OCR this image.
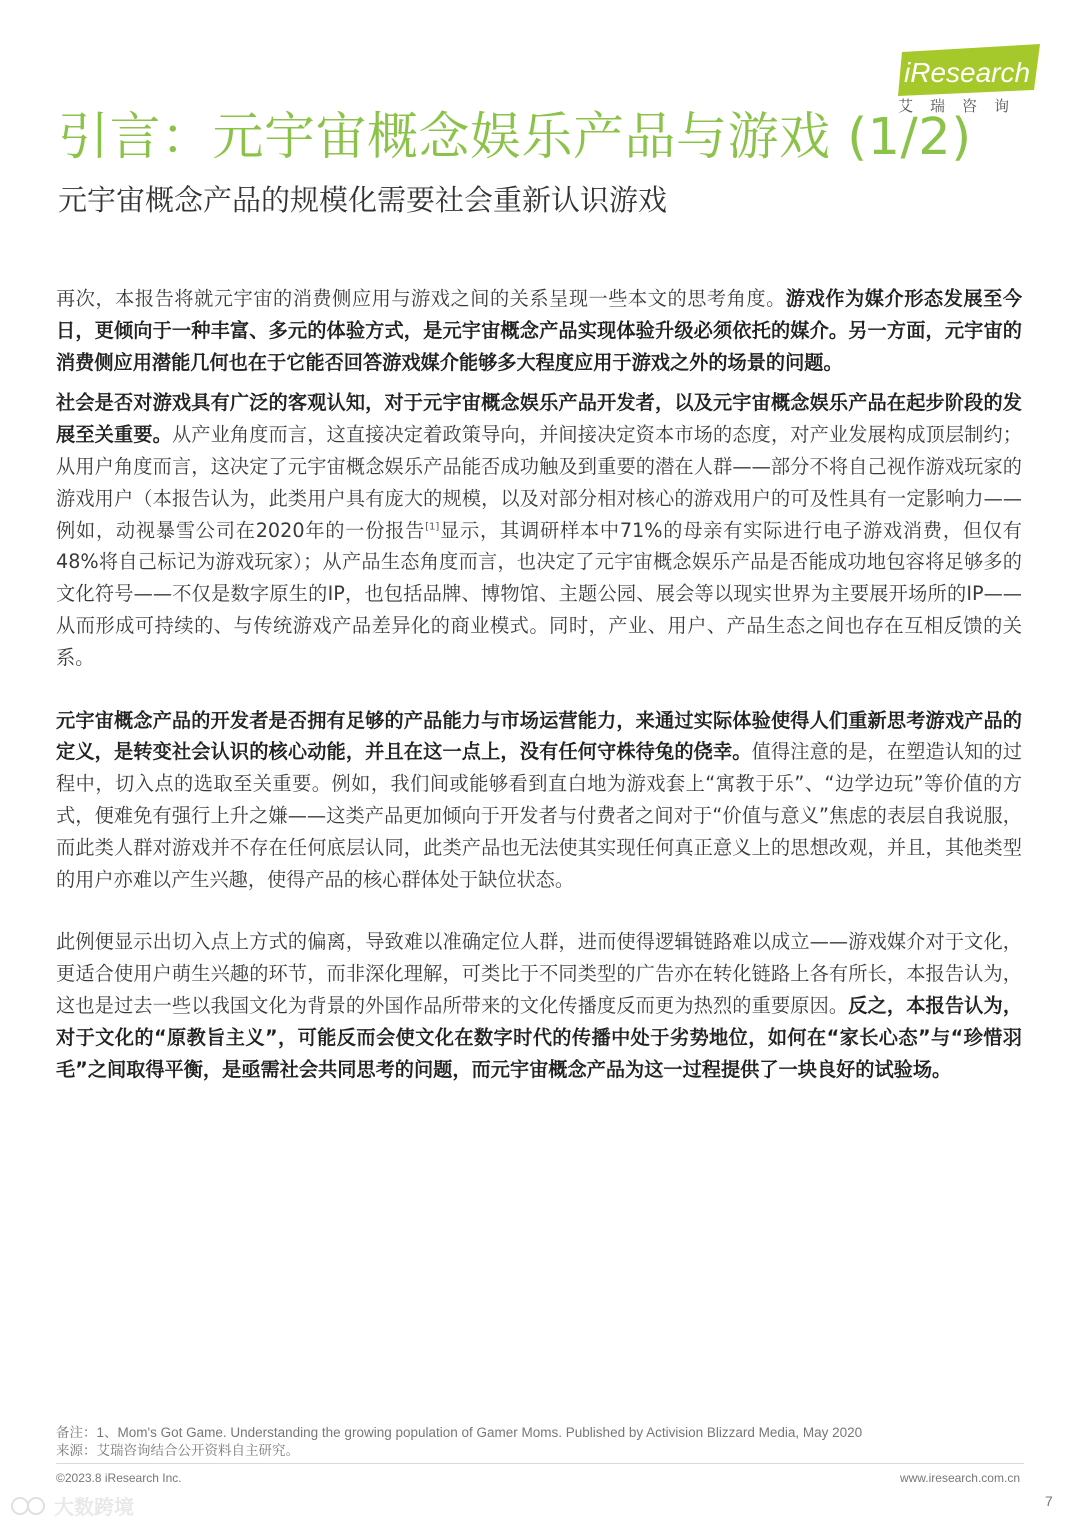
iResearch
艾瑞咨询
引言：元宇宙概念娱乐产品与游戏 (1/2)
元宇宙概念产品的规模化需要社会重新认识游戏

再次，本报告将就元宇宙的消费侧应用与游戏之间的关系呈现一些本文的思考角度。游戏作为媒介形态发展至今日，更倾向于一种丰富、多元的体验方式，是元宇宙概念产品实现体验升级必须依托的媒介。另一方面，元宇宙的消费侧应用潜能几何也在于它能否回答游戏媒介能够多大程度应用于游戏之外的场景的问题。

社会是否对游戏具有广泛的客观认知，对于元宇宙概念娱乐产品开发者，以及元宇宙概念娱乐产品在起步阶段的发展至关重要。从产业角度而言，这直接决定着政策导向，并间接决定资本市场的态度，对产业发展构成顶层制约；从用户角度而言，这决定了元宇宙概念娱乐产品能否成功触及到重要的潜在人群——部分不将自己视作游戏玩家的游戏用户（本报告认为，此类用户具有庞大的规模，以及对部分相对核心的游戏用户的可及性具有一定影响力——例如，动视暴雪公司在2020年的一份报告[1]显示，其调研样本中71%的母亲有实际进行电子游戏消费，但仅有48%将自己标记为游戏玩家）；从产品生态角度而言，也决定了元宇宙概念娱乐产品是否能成功地包容将足够多的文化符号——不仅是数字原生的IP，也包括品牌、博物馆、主题公园、展会等以现实世界为主要展开场所的IP——从而形成可持续的、与传统游戏产品差异化的商业模式。同时，产业、用户、产品生态之间也存在互相反馈的关系。

元宇宙概念产品的开发者是否拥有足够的产品能力与市场运营能力，来通过实际体验使得人们重新思考游戏产品的定义，是转变社会认识的核心动能，并且在这一点上，没有任何守株待兔的侥幸。值得注意的是，在塑造认知的过程中，切入点的选取至关重要。例如，我们间或能够看到直白地为游戏套上“寓教于乐”、“边学边玩”等价值的方式，便难免有强行上升之嫌——这类产品更加倾向于开发者与付费者之间对于“价值与意义”焦虑的表层自我说服，而此类人群对游戏并不存在任何底层认同，此类产品也无法使其实现任何真正意义上的思想改观，并且，其他类型的用户亦难以产生兴趣，使得产品的核心群体处于缺位状态。

此例便显示出切入点上方式的偏离，导致难以准确定位人群，进而使得逻辑链路难以成立——游戏媒介对于文化，更适合使用户萌生兴趣的环节，而非深化理解，可类比于不同类型的广告亦在转化链路上各有所长，本报告认为，这也是过去一些以我国文化为背景的外国作品所带来的文化传播度反而更为热烈的重要原因。反之，本报告认为，对于文化的“原教旨主义”，可能反而会使文化在数字时代的传播中处于劣势地位，如何在“家长心态”与“珍惜羽毛”之间取得平衡，是亟需社会共同思考的问题，而元宇宙概念产品为这一过程提供了一块良好的试验场。

备注：1、Mom's Got Game. Understanding the growing population of Gamer Moms. Published by Activision Blizzard Media, May 2020
来源：艾瑞咨询结合公开资料自主研究。
©2023.8 iResearch Inc.	www.iresearch.com.cn
7
大数跨境
